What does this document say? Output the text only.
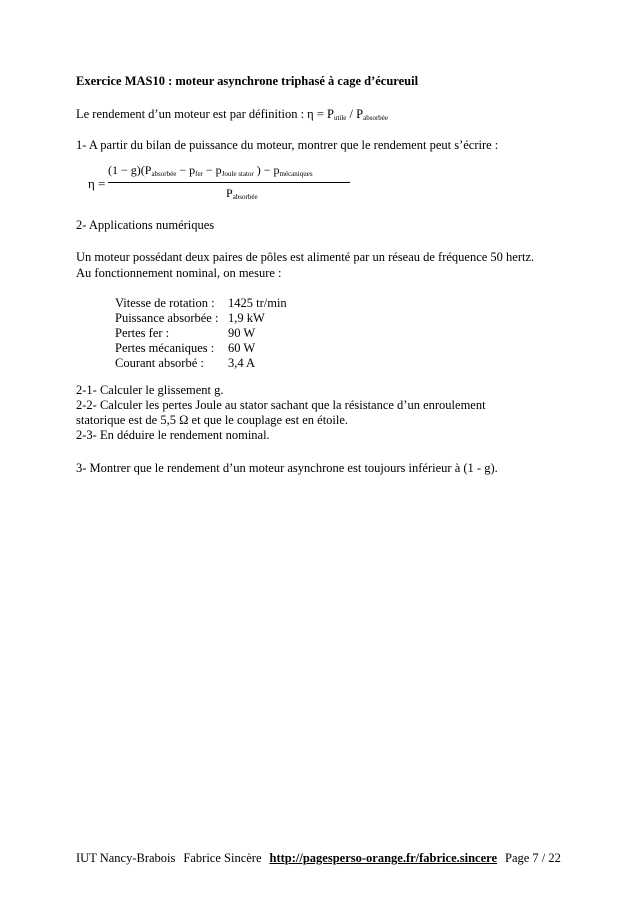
Exercice MAS10 : moteur asynchrone triphasé à cage d’écureuil
Le rendement d’un moteur est par définition : $\eta = P_{utile} / P_{absorbée}$
1- A partir du bilan de puissance du moteur, montrer que le rendement peut s’écrire :
η =
$(1 - g)(P_{absorbée} - p_{fer} - p_{Joule stator}$ ) − $p_{mécaniques}$
$P_{absorbée}$
2- Applications numériques
Un moteur possédant deux paires de pôles est alimenté par un réseau de fréquence 50 hertz.
Au fonctionnement nominal, on mesure :
Vitesse de rotation : 1425 tr/min
Puissance absorbée : 1,9 kW
Pertes fer :	90 W
Pertes mécaniques : 60 W
Courant absorbé : 3,4 A
2-1- Calculer le glissement g.
2-2- Calculer les pertes Joule au stator sachant que la résistance d’un enroulement
statorique est de 5,5 Ω et que le couplage est en étoile.
2-3- En déduire le rendement nominal.
3- Montrer que le rendement d’un moteur asynchrone est toujours inférieur à (1 - g).
IUT Nancy-Brabois Fabrice Sincère http://pagesperso-orange.fr/fabrice.sincere Page 7 / 22
